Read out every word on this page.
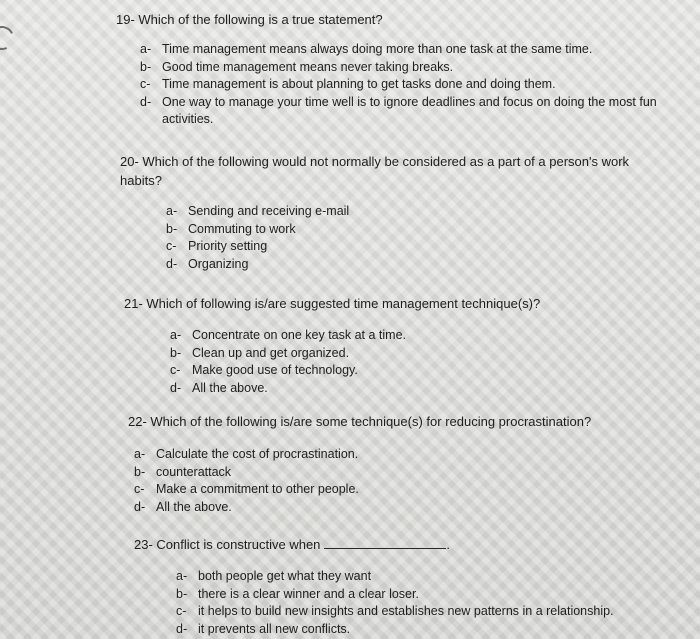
19- Which of the following is a true statement?

a- Time management means always doing more than one task at the same time.
b- Good time management means never taking breaks.
c- Time management is about planning to get tasks done and doing them.
d- One way to manage your time well is to ignore deadlines and focus on doing the most fun activities.

20- Which of the following would not normally be considered as a part of a person's work habits?

a- Sending and receiving e-mail
b- Commuting to work
c- Priority setting
d- Organizing

21- Which of following is/are suggested time management technique(s)?

a- Concentrate on one key task at a time.
b- Clean up and get organized.
c- Make good use of technology.
d- All the above.

22- Which of the following is/are some technique(s) for reducing procrastination?

a- Calculate the cost of procrastination.
b- counterattack
c- Make a commitment to other people.
d- All the above.

23- Conflict is constructive when	.

a- both people get what they want
b- there is a clear winner and a clear loser.
c- it helps to build new insights and establishes new patterns in a relationship.
d- it prevents all new conflicts.
